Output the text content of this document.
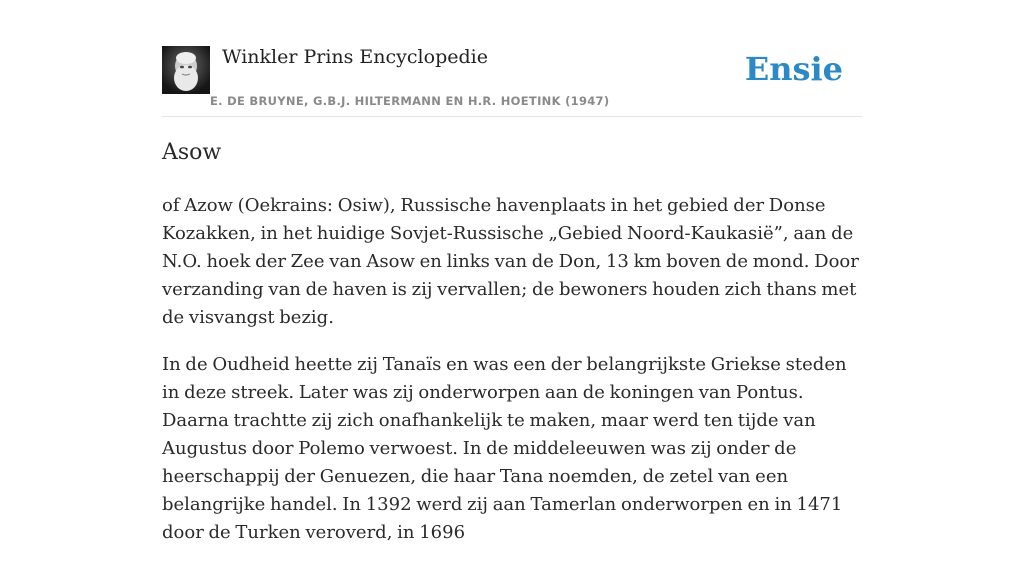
Winkler Prins Encyclopedie
E. DE BRUYNE, G.B.J. HILTERMANN EN H.R. HOETINK (1947)
Ensie
Asow

of Azow (Oekrains: Osiw), Russische havenplaats in het gebied der Donse Kozakken, in het huidige Sovjet-Russische „Gebied Noord-Kaukasië”, aan de N.O. hoek der Zee van Asow en links van de Don, 13 km boven de mond. Door verzanding van de haven is zij vervallen; de bewoners houden zich thans met de visvangst bezig.

In de Oudheid heette zij Tanaïs en was een der belangrijkste Griekse steden in deze streek. Later was zij onderworpen aan de koningen van Pontus. Daarna trachtte zij zich onafhankelijk te maken, maar werd ten tijde van Augustus door Polemo verwoest. In de middeleeuwen was zij onder de heerschappij der Genuezen, die haar Tana noemden, de zetel van een belangrijke handel. In 1392 werd zij aan Tamerlan onderworpen en in 1471 door de Turken veroverd, in 1696
